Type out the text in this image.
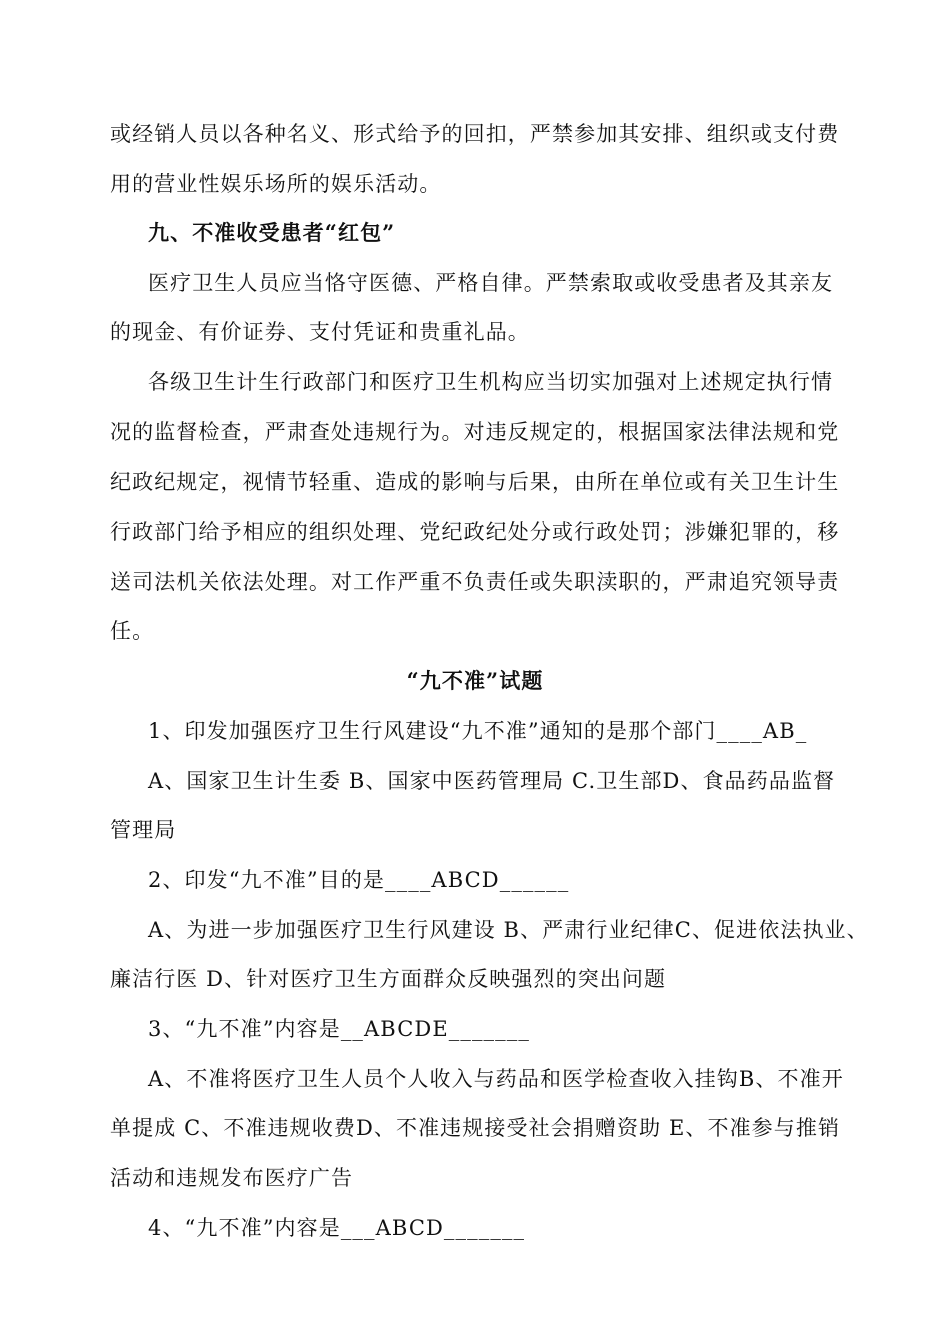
或经销人员以各种名义、形式给予的回扣，严禁参加其安排、组织或支付费
用的营业性娱乐场所的娱乐活动。
九、不准收受患者“红包”
医疗卫生人员应当恪守医德、严格自律。严禁索取或收受患者及其亲友
的现金、有价证券、支付凭证和贵重礼品。
各级卫生计生行政部门和医疗卫生机构应当切实加强对上述规定执行情
况的监督检查，严肃查处违规行为。对违反规定的，根据国家法律法规和党
纪政纪规定，视情节轻重、造成的影响与后果，由所在单位或有关卫生计生
行政部门给予相应的组织处理、党纪政纪处分或行政处罚；涉嫌犯罪的，移
送司法机关依法处理。对工作严重不负责任或失职渎职的，严肃追究领导责
任。
“九不准”试题
1、印发加强医疗卫生行风建设“九不准”通知的是那个部门____AB_
A、国家卫生计生委 B、国家中医药管理局 C.卫生部D、食品药品监督
管理局
2、印发“九不准”目的是____ABCD______
A、为进一步加强医疗卫生行风建设 B、严肃行业纪律C、促进依法执业、
廉洁行医 D、针对医疗卫生方面群众反映强烈的突出问题
3、“九不准”内容是__ABCDE_______
A、不准将医疗卫生人员个人收入与药品和医学检查收入挂钩B、不准开
单提成 C、不准违规收费D、不准违规接受社会捐赠资助 E、不准参与推销
活动和违规发布医疗广告
4、“九不准”内容是___ABCD_______
